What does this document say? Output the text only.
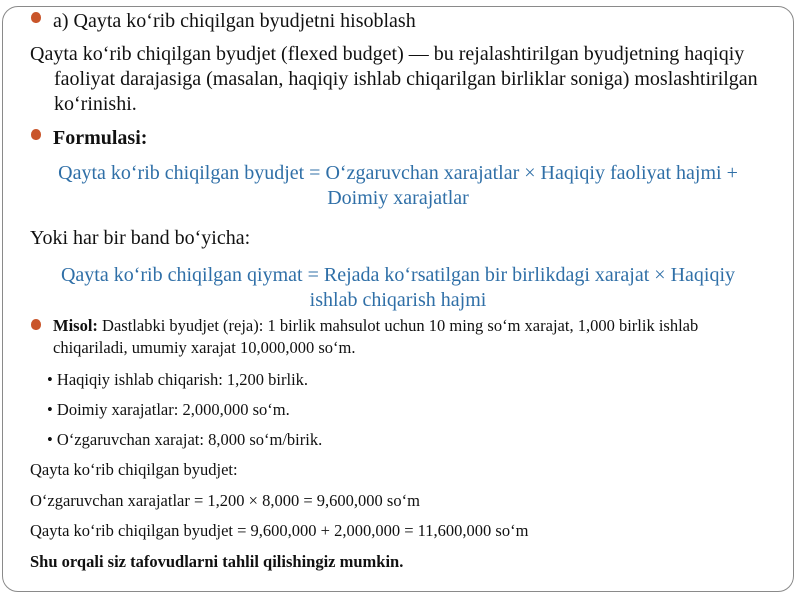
a) Qayta ko‘rib chiqilgan byudjetni hisoblash
Qayta ko‘rib chiqilgan byudjet (flexed budget) — bu rejalashtirilgan byudjetning haqiqiy faoliyat darajasiga (masalan, haqiqiy ishlab chiqarilgan birliklar soniga) moslashtirilgan ko‘rinishi.
Formulasi:
Qayta ko‘rib chiqilgan byudjet = O‘zgaruvchan xarajatlar × Haqiqiy faoliyat hajmi + Doimiy xarajatlar
Yoki har bir band bo‘yicha:
Qayta ko‘rib chiqilgan qiymat = Rejada ko‘rsatilgan bir birlikdagi xarajat × Haqiqiy ishlab chiqarish hajmi
Misol: Dastlabki byudjet (reja): 1 birlik mahsulot uchun 10 ming so‘m xarajat, 1,000 birlik ishlab chiqariladi, umumiy xarajat 10,000,000 so‘m.
• Haqiqiy ishlab chiqarish: 1,200 birlik.
• Doimiy xarajatlar: 2,000,000 so‘m.
• O‘zgaruvchan xarajat: 8,000 so‘m/birik.
Qayta ko‘rib chiqilgan byudjet:
O‘zgaruvchan xarajatlar = 1,200 × 8,000 = 9,600,000 so‘m
Qayta ko‘rib chiqilgan byudjet = 9,600,000 + 2,000,000 = 11,600,000 so‘m
Shu orqali siz tafovudlarni tahlil qilishingiz mumkin.
